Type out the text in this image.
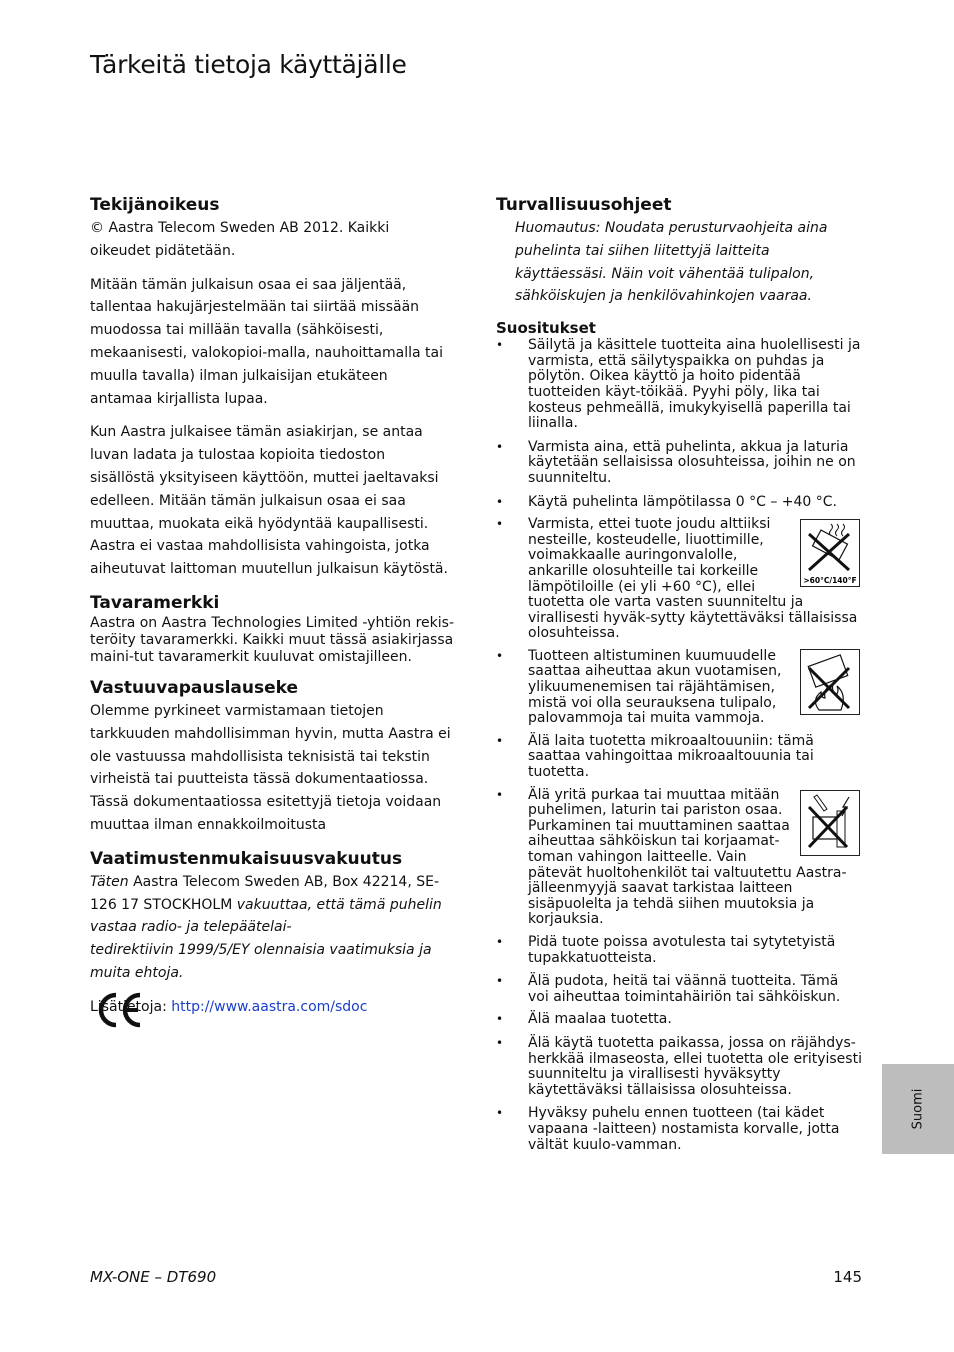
Tärkeitä tietoja käyttäjälle
Tekijänoikeus

© Aastra Telecom Sweden AB 2012. Kaikki oikeudet pidätetään.

Mitään tämän julkaisun osaa ei saa jäljentää, tallentaa hakujärjestelmään tai siirtää missään muodossa tai millään tavalla (sähköisesti, mekaanisesti, valokopioi-malla, nauhoittamalla tai muulla tavalla) ilman julkaisijan etukäteen antamaa kirjallista lupaa.

Kun Aastra julkaisee tämän asiakirjan, se antaa luvan ladata ja tulostaa kopioita tiedoston sisällöstä yksityiseen käyttöön, muttei jaeltavaksi edelleen. Mitään tämän julkaisun osaa ei saa muuttaa, muokata eikä hyödyntää kaupallisesti. Aastra ei vastaa mahdollisista vahingoista, jotka aiheutuvat laittoman muutellun julkaisun käytöstä.

Tavaramerkki

Aastra on Aastra Technologies Limited -yhtiön rekis-teröity tavaramerkki. Kaikki muut tässä asiakirjassa maini-tut tavaramerkit kuuluvat omistajilleen.

Vastuuvapauslauseke

Olemme pyrkineet varmistamaan tietojen tarkkuuden mahdollisimman hyvin, mutta Aastra ei ole vastuussa mahdollisista teknisistä tai tekstin virheistä tai puutteista tässä dokumentaatiossa. Tässä dokumentaatiossa esitettyjä tietoja voidaan muuttaa ilman ennakkoilmoitusta

Vaatimustenmukaisuusvakuutus

Täten Aastra Telecom Sweden AB, Box 42214, SE-126 17 STOCKHOLM vakuuttaa, että tämä puhelin vastaa radio- ja telepäätelai-
tedirektiivin 1999/5/EY olennaisia vaatimuksia ja muita ehtoja.

Lisätietoja: http://www.aastra.com/sdoc

Turvallisuusohjeet

Huomautus: Noudata perusturvaohjeita aina puhelinta tai siihen liitettyjä laitteita käyttäessäsi. Näin voit vähentää tulipalon, sähköiskujen ja henkilövahinkojen vaaraa.

Suositukset
• Säilytä ja käsittele tuotteita aina huolellisesti ja varmista, että säilytyspaikka on puhdas ja pölytön. Oikea käyttö ja hoito pidentää tuotteiden käyt-töikää. Pyyhi pöly, lika tai kosteus pehmeällä, imukykyisellä paperilla tai liinalla.
• Varmista aina, että puhelinta, akkua ja laturia käytetään sellaisissa olosuhteissa, joihin ne on suunniteltu.
• Käytä puhelinta lämpötilassa 0 °C – +40 °C.
• >60°C/140°F
Varmista, ettei tuote joudu alttiiksi nesteille, kosteudelle, liuottimille, voimakkaalle auringonvalolle, ankarille olosuhteille tai korkeille lämpötiloille (ei yli +60 °C), ellei tuotetta ole varta vasten suunniteltu ja virallisesti hyväk-sytty käytettäväksi tällaisissa olosuhteissa.
• Tuotteen altistuminen kuumuudelle saattaa aiheuttaa akun vuotamisen, ylikuumenemisen tai räjähtämisen, mistä voi olla seurauksena tulipalo, palovammoja tai muita vammoja.
• Älä laita tuotetta mikroaaltouuniin: tämä saattaa vahingoittaa mikroaaltouunia tai tuotetta.
• Älä yritä purkaa tai muuttaa mitään puhelimen, laturin tai pariston osaa. Purkaminen tai muuttaminen saattaa aiheuttaa sähköiskun tai korjaamat-toman vahingon laitteelle. Vain pätevät huoltohenkilöt tai valtuutettu Aastra-jälleenmyyjä saavat tarkistaa laitteen sisäpuolelta ja tehdä siihen muutoksia ja korjauksia.
• Pidä tuote poissa avotulesta tai sytytetyistä tupakkatuotteista.
• Älä pudota, heitä tai väännä tuotteita. Tämä voi aiheuttaa toimintahäiriön tai sähköiskun.
• Älä maalaa tuotetta.
• Älä käytä tuotetta paikassa, jossa on räjähdys-herkkää ilmaseosta, ellei tuotetta ole erityisesti suunniteltu ja virallisesti hyväksytty käytettäväksi tällaisissa olosuhteissa.
• Hyväksy puhelu ennen tuotteen (tai kädet vapaana -laitteen) nostamista korvalle, jotta vältät kuulo-vamman.
Suomi
MX-ONE – DT690	145
